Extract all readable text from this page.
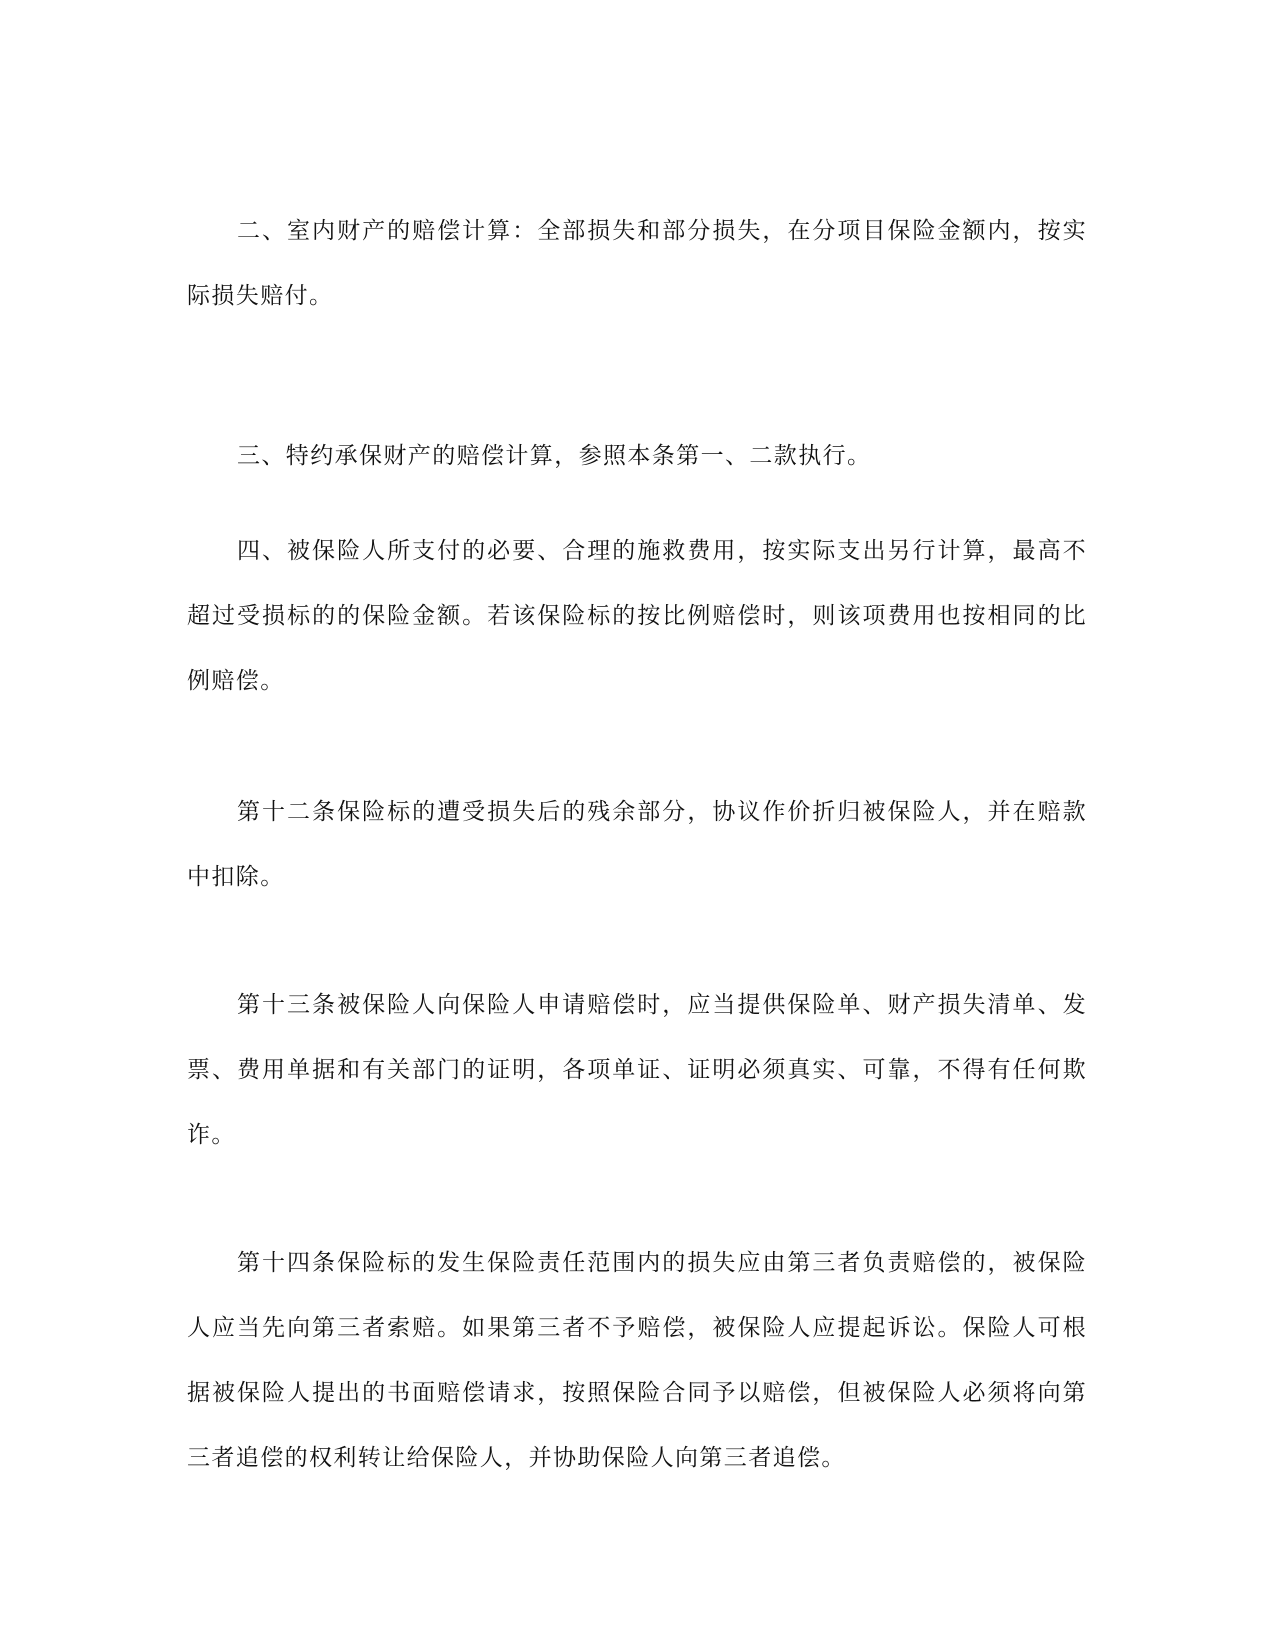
二、室内财产的赔偿计算：全部损失和部分损失，在分项目保险金额内，按实际损失赔付。

三、特约承保财产的赔偿计算，参照本条第一、二款执行。

四、被保险人所支付的必要、合理的施救费用，按实际支出另行计算，最高不超过受损标的的保险金额。若该保险标的按比例赔偿时，则该项费用也按相同的比例赔偿。

第十二条保险标的遭受损失后的残余部分，协议作价折归被保险人，并在赔款中扣除。

第十三条被保险人向保险人申请赔偿时，应当提供保险单、财产损失清单、发票、费用单据和有关部门的证明，各项单证、证明必须真实、可靠，不得有任何欺诈。

第十四条保险标的发生保险责任范围内的损失应由第三者负责赔偿的，被保险人应当先向第三者索赔。如果第三者不予赔偿，被保险人应提起诉讼。保险人可根据被保险人提出的书面赔偿请求，按照保险合同予以赔偿，但被保险人必须将向第三者追偿的权利转让给保险人，并协助保险人向第三者追偿。
